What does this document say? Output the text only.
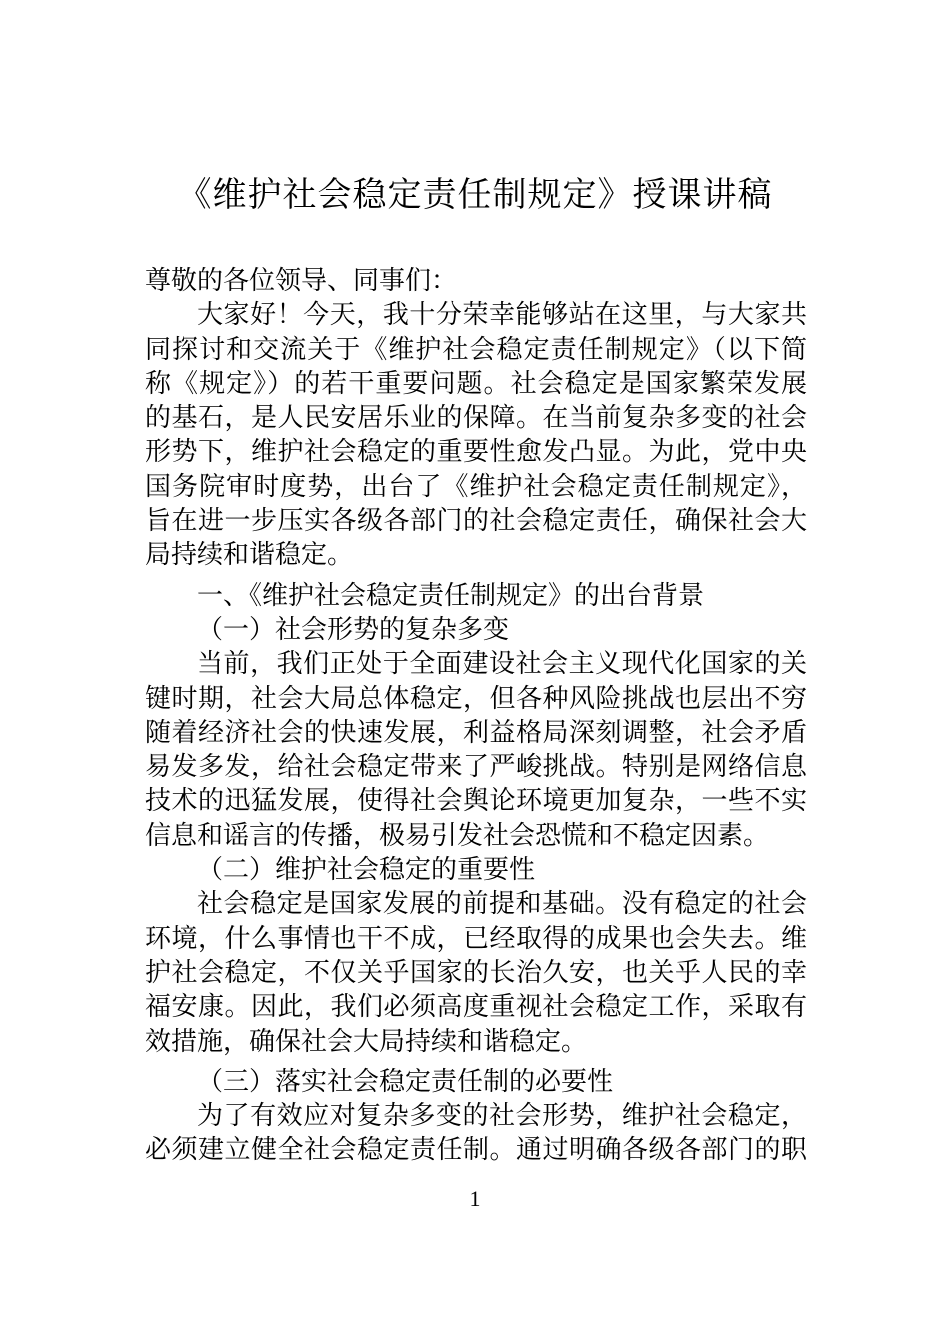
《维护社会稳定责任制规定》授课讲稿
尊敬的各位领导、同事们：
大家好！今天，我十分荣幸能够站在这里，与大家共
同探讨和交流关于《维护社会稳定责任制规定》（以下简
称《规定》）的若干重要问题。社会稳定是国家繁荣发展
的基石，是人民安居乐业的保障。在当前复杂多变的社会
形势下，维护社会稳定的重要性愈发凸显。为此，党中央
国务院审时度势，出台了《维护社会稳定责任制规定》，
旨在进一步压实各级各部门的社会稳定责任，确保社会大
局持续和谐稳定。
一、《维护社会稳定责任制规定》的出台背景
（一）社会形势的复杂多变
当前，我们正处于全面建设社会主义现代化国家的关
键时期，社会大局总体稳定，但各种风险挑战也层出不穷
随着经济社会的快速发展，利益格局深刻调整，社会矛盾
易发多发，给社会稳定带来了严峻挑战。特别是网络信息
技术的迅猛发展，使得社会舆论环境更加复杂，一些不实
信息和谣言的传播，极易引发社会恐慌和不稳定因素。
（二）维护社会稳定的重要性
社会稳定是国家发展的前提和基础。没有稳定的社会
环境，什么事情也干不成，已经取得的成果也会失去。维
护社会稳定，不仅关乎国家的长治久安，也关乎人民的幸
福安康。因此，我们必须高度重视社会稳定工作，采取有
效措施，确保社会大局持续和谐稳定。
（三）落实社会稳定责任制的必要性
为了有效应对复杂多变的社会形势，维护社会稳定，
必须建立健全社会稳定责任制。通过明确各级各部门的职
1
